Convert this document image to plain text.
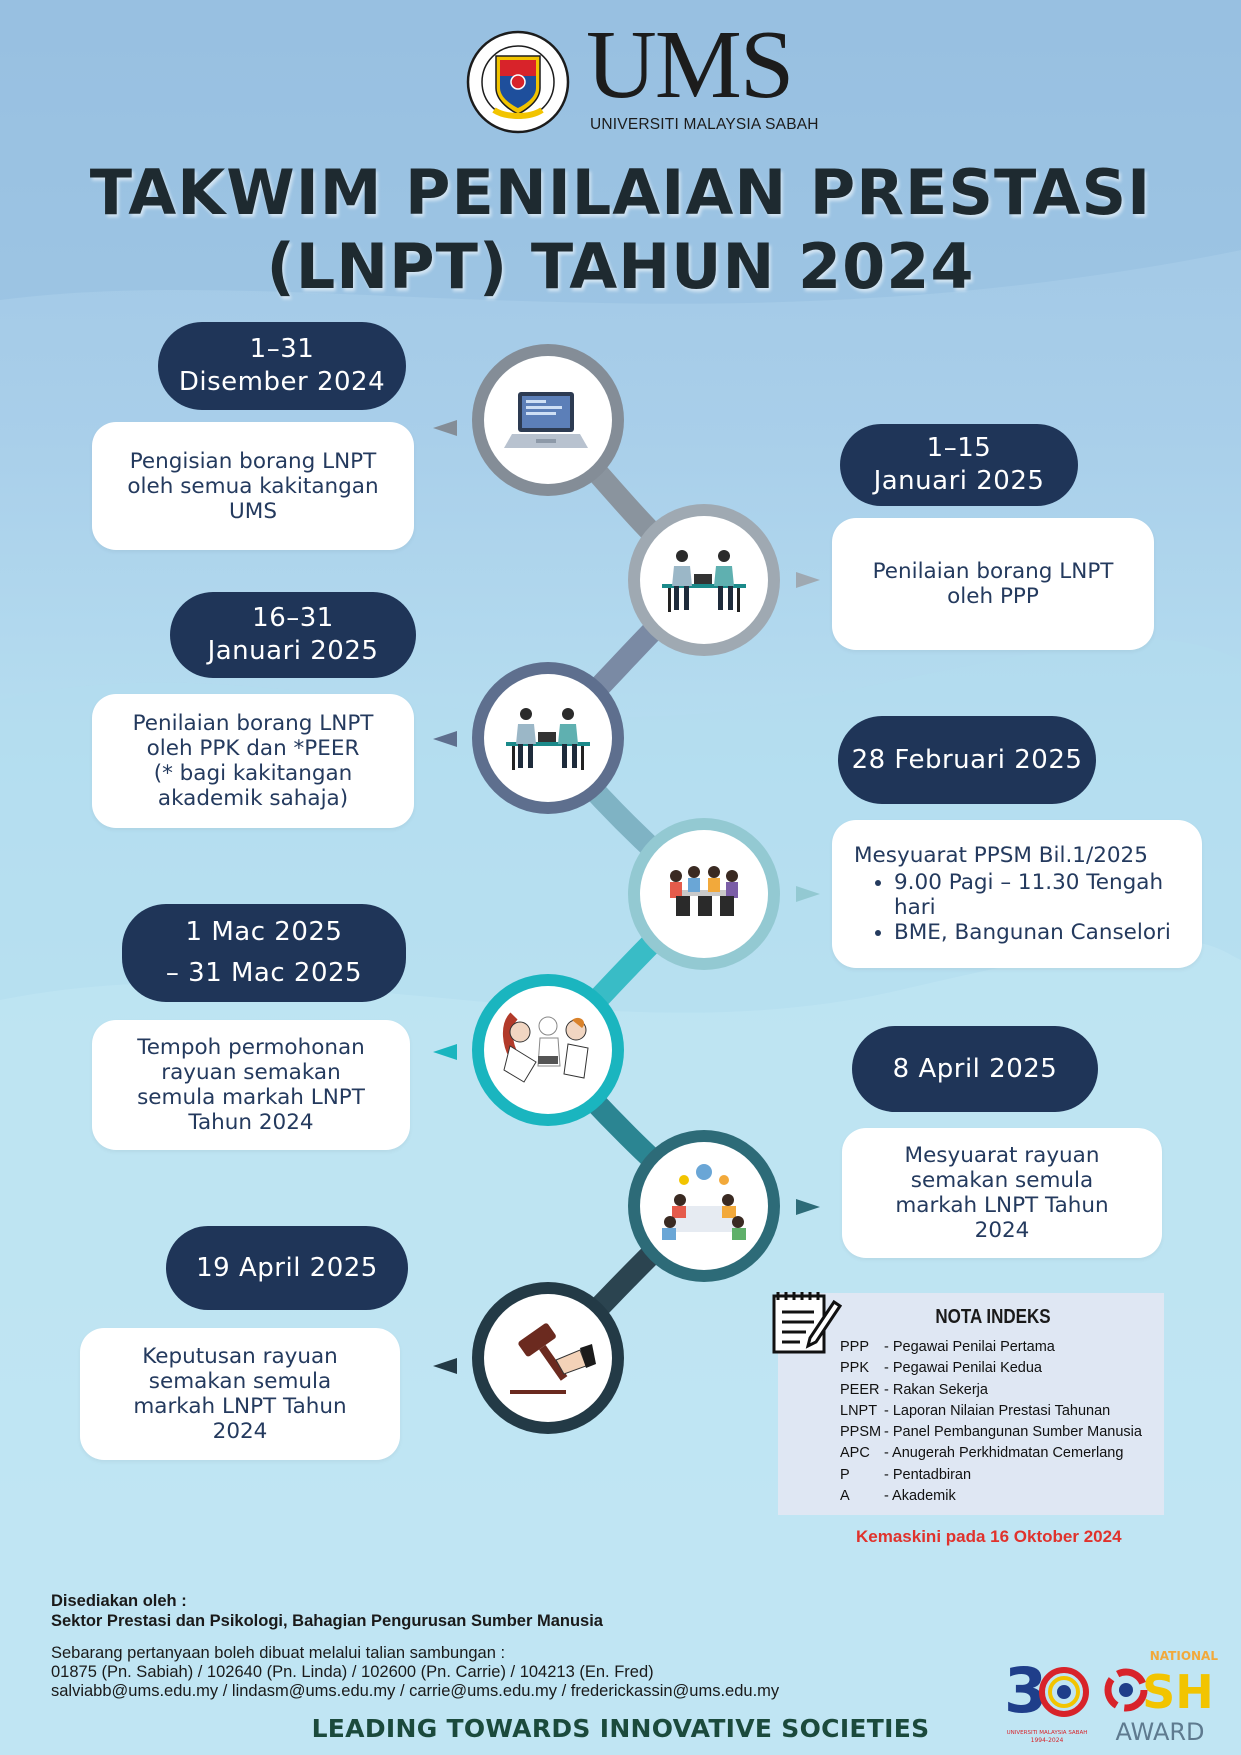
UMS
UNIVERSITI MALAYSIA SABAH
TAKWIM PENILAIAN PRESTASI
(LNPT) TAHUN 2024
1–31
Disember 2024
Pengisian borang LNPT
oleh semua kakitangan
UMS
1–15
Januari 2025
Penilaian borang LNPT
oleh PPP
16–31
Januari 2025
Penilaian borang LNPT
oleh PPK dan *PEER
(* bagi kakitangan
akademik sahaja)
28 Februari 2025
Mesyuarat PPSM Bil.1/2025
• 9.00 Pagi – 11.30 Tengah hari
• BME, Bangunan Canselori
1 Mac 2025
– 31 Mac 2025
Tempoh permohonan
rayuan semakan
semula markah LNPT
Tahun 2024
8 April 2025
Mesyuarat rayuan
semakan semula
markah LNPT Tahun
2024
19 April 2025
Keputusan rayuan
semakan semula
markah LNPT Tahun
2024
NOTA INDEKS
PPP - Pegawai Penilai Pertama
PPK - Pegawai Penilai Kedua
PEER - Rakan Sekerja
LNPT - Laporan Nilaian Prestasi Tahunan
PPSM - Panel Pembangunan Sumber Manusia
APC - Anugerah Perkhidmatan Cemerlang
P - Pentadbiran
A - Akademik
Kemaskini pada 16 Oktober 2024
Disediakan oleh :
Sektor Prestasi dan Psikologi, Bahagian Pengurusan Sumber Manusia
Sebarang pertanyaan boleh dibuat melalui talian sambungan :
01875 (Pn. Sabiah) / 102640 (Pn. Linda) / 102600 (Pn. Carrie) / 104213 (En. Fred)
salviabb@ums.edu.my / lindasm@ums.edu.my / carrie@ums.edu.my / frederickassin@ums.edu.my
LEADING TOWARDS INNOVATIVE SOCIETIES
3
UNIVERSITI MALAYSIA SABAH
1994-2024
NATIONAL
SH
AWARD
